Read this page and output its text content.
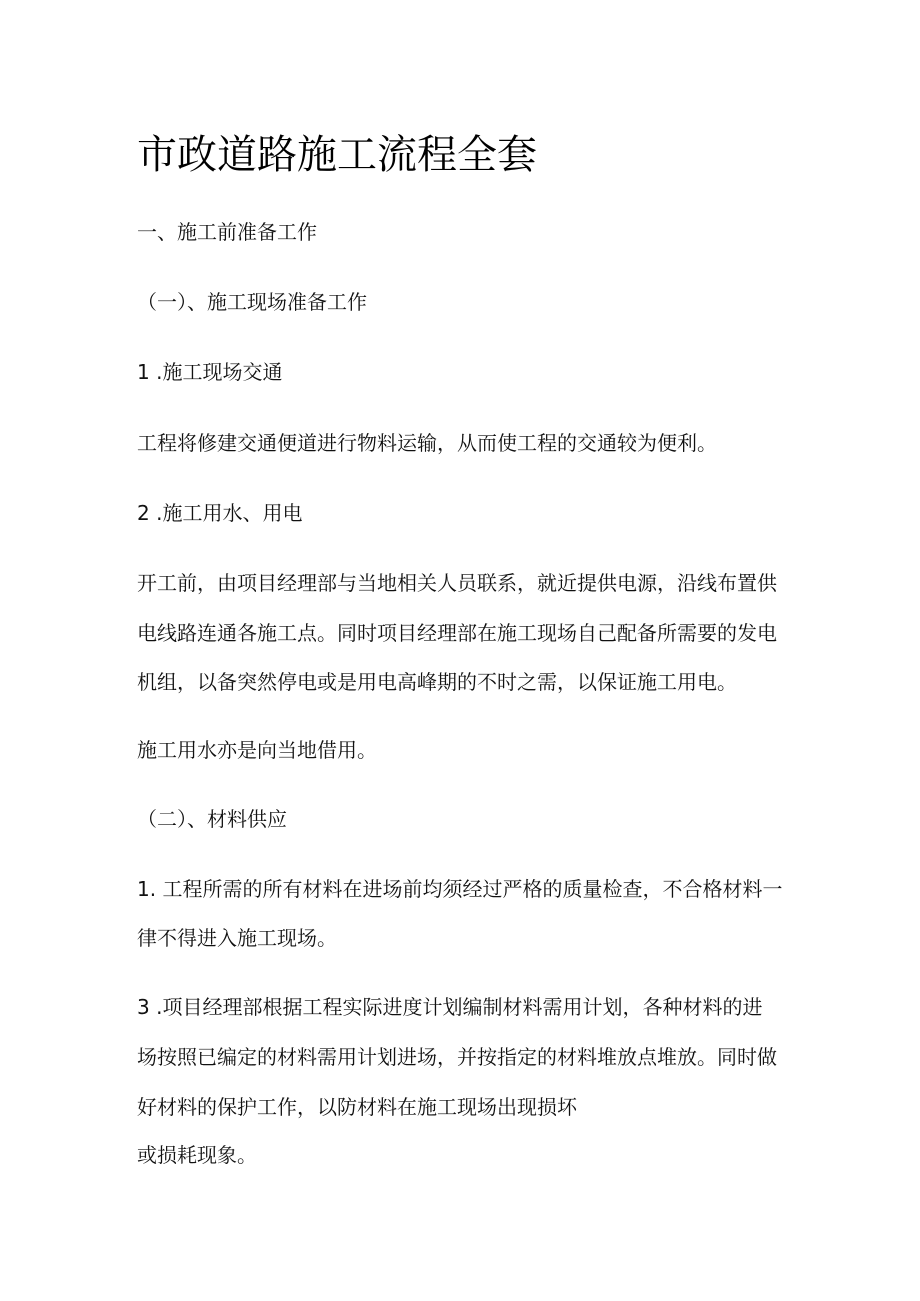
市政道路施工流程全套
一、施工前准备工作
（一）、施工现场准备工作
1 .施工现场交通
工程将修建交通便道进行物料运输，从而使工程的交通较为便利。
2 .施工用水、用电
开工前，由项目经理部与当地相关人员联系，就近提供电源，沿线布置供
电线路连通各施工点。同时项目经理部在施工现场自己配备所需要的发电
机组，以备突然停电或是用电高峰期的不时之需，以保证施工用电。
施工用水亦是向当地借用。
（二）、材料供应
1. 工程所需的所有材料在进场前均须经过严格的质量检查，不合格材料一
律不得进入施工现场。
3 .项目经理部根据工程实际进度计划编制材料需用计划，各种材料的进
场按照已编定的材料需用计划进场，并按指定的材料堆放点堆放。同时做
好材料的保护工作，以防材料在施工现场出现损坏
或损耗现象。
